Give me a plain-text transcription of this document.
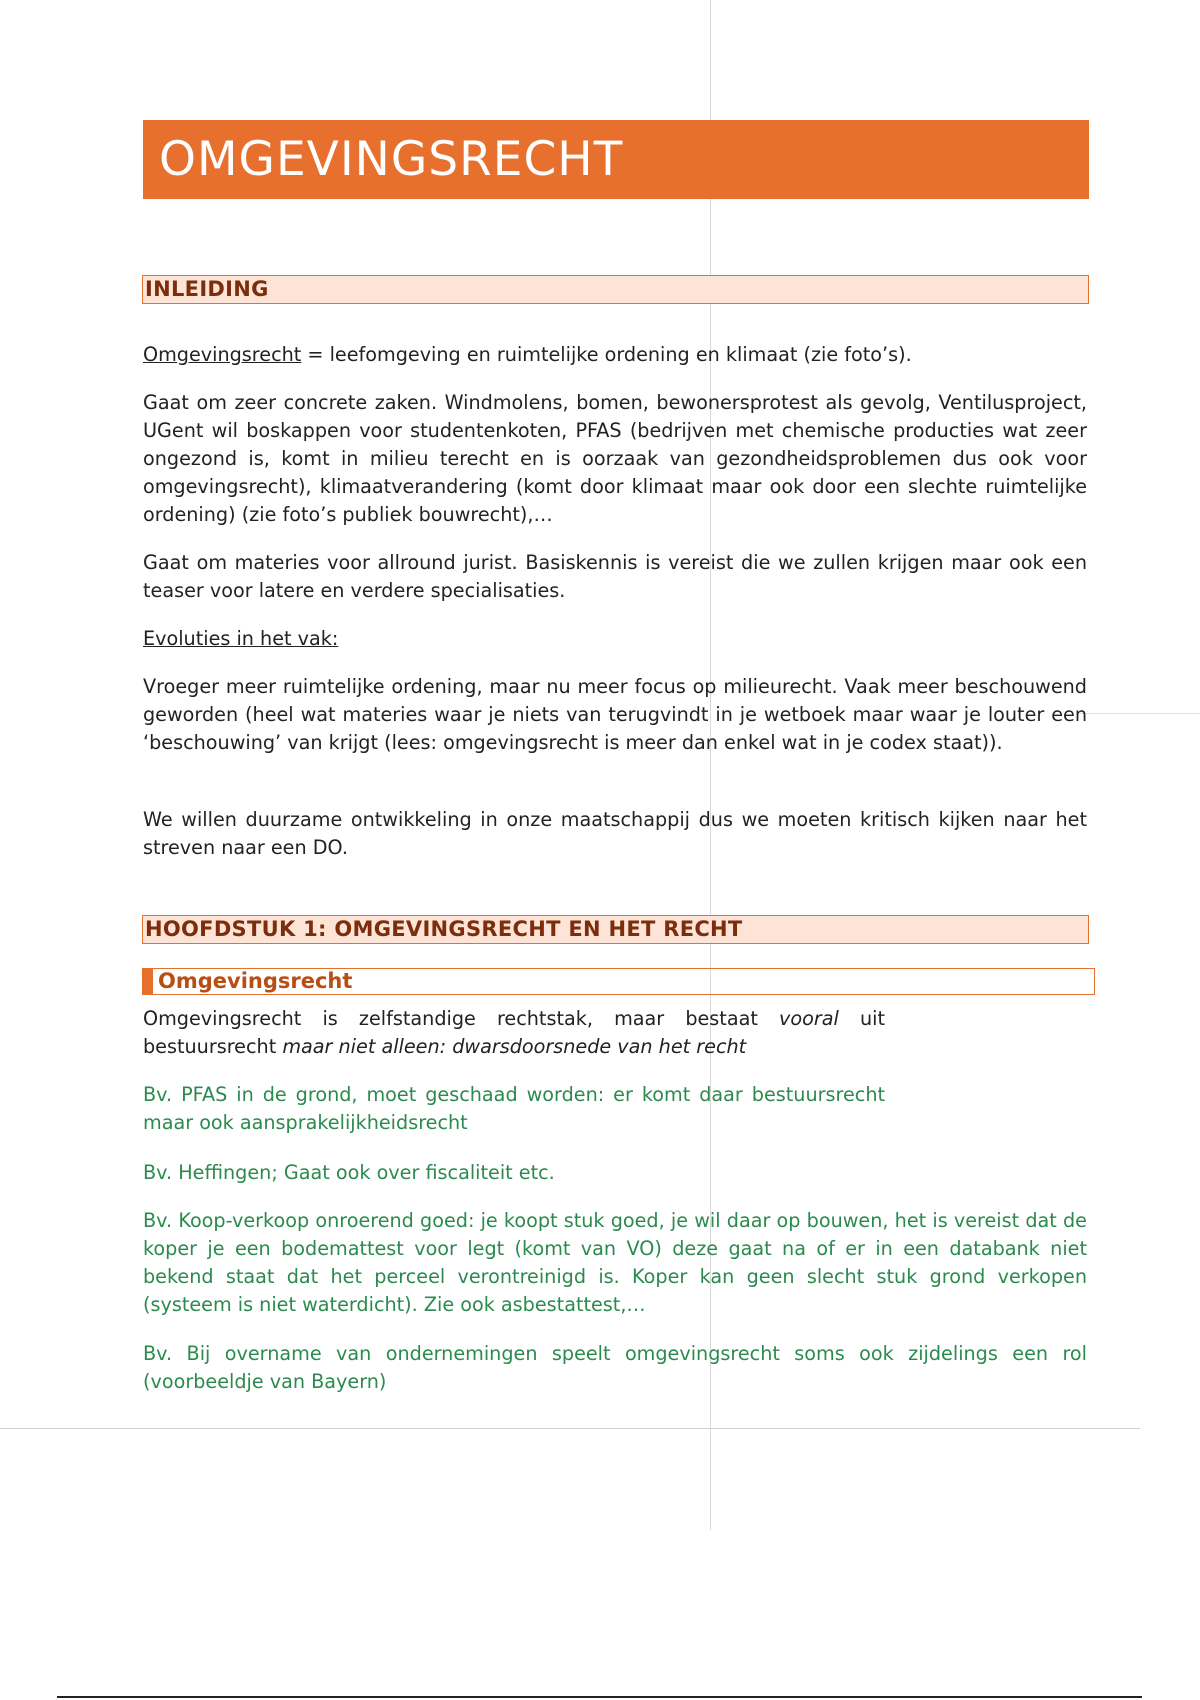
OMGEVINGSRECHT
INLEIDING

Omgevingsrecht = leefomgeving en ruimtelijke ordening en klimaat (zie foto’s).

Gaat om zeer concrete zaken. Windmolens, bomen, bewonersprotest als gevolg, Ventilusproject, UGent wil boskappen voor studentenkoten, PFAS (bedrijven met chemische producties wat zeer ongezond is, komt in milieu terecht en is oorzaak van gezondheidsproblemen dus ook voor omgevingsrecht), klimaatverandering (komt door klimaat maar ook door een slechte ruimtelijke ordening) (zie foto’s publiek bouwrecht),…

Gaat om materies voor allround jurist. Basiskennis is vereist die we zullen krijgen maar ook een teaser voor latere en verdere specialisaties.

Evoluties in het vak:

Vroeger meer ruimtelijke ordening, maar nu meer focus op milieurecht. Vaak meer beschouwend geworden (heel wat materies waar je niets van terugvindt in je wetboek maar waar je louter een ‘beschouwing’ van krijgt (lees: omgevingsrecht is meer dan enkel wat in je codex staat)).

We willen duurzame ontwikkeling in onze maatschappij dus we moeten kritisch kijken naar het streven naar een DO.

HOOFDSTUK 1: OMGEVINGSRECHT EN HET RECHT
Omgevingsrecht

Omgevingsrecht is zelfstandige rechtstak, maar bestaat vooral uit bestuursrecht maar niet alleen: dwarsdoorsnede van het recht

Bv. PFAS in de grond, moet geschaad worden: er komt daar bestuursrecht maar ook aansprakelijkheidsrecht

Bv. Heffingen; Gaat ook over fiscaliteit etc.

Bv. Koop-verkoop onroerend goed: je koopt stuk goed, je wil daar op bouwen, het is vereist dat de koper je een bodemattest voor legt (komt van VO) deze gaat na of er in een databank niet bekend staat dat het perceel verontreinigd is. Koper kan geen slecht stuk grond verkopen (systeem is niet waterdicht). Zie ook asbestattest,…

Bv. Bij overname van ondernemingen speelt omgevingsrecht soms ook zijdelings een rol (voorbeeldje van Bayern)
